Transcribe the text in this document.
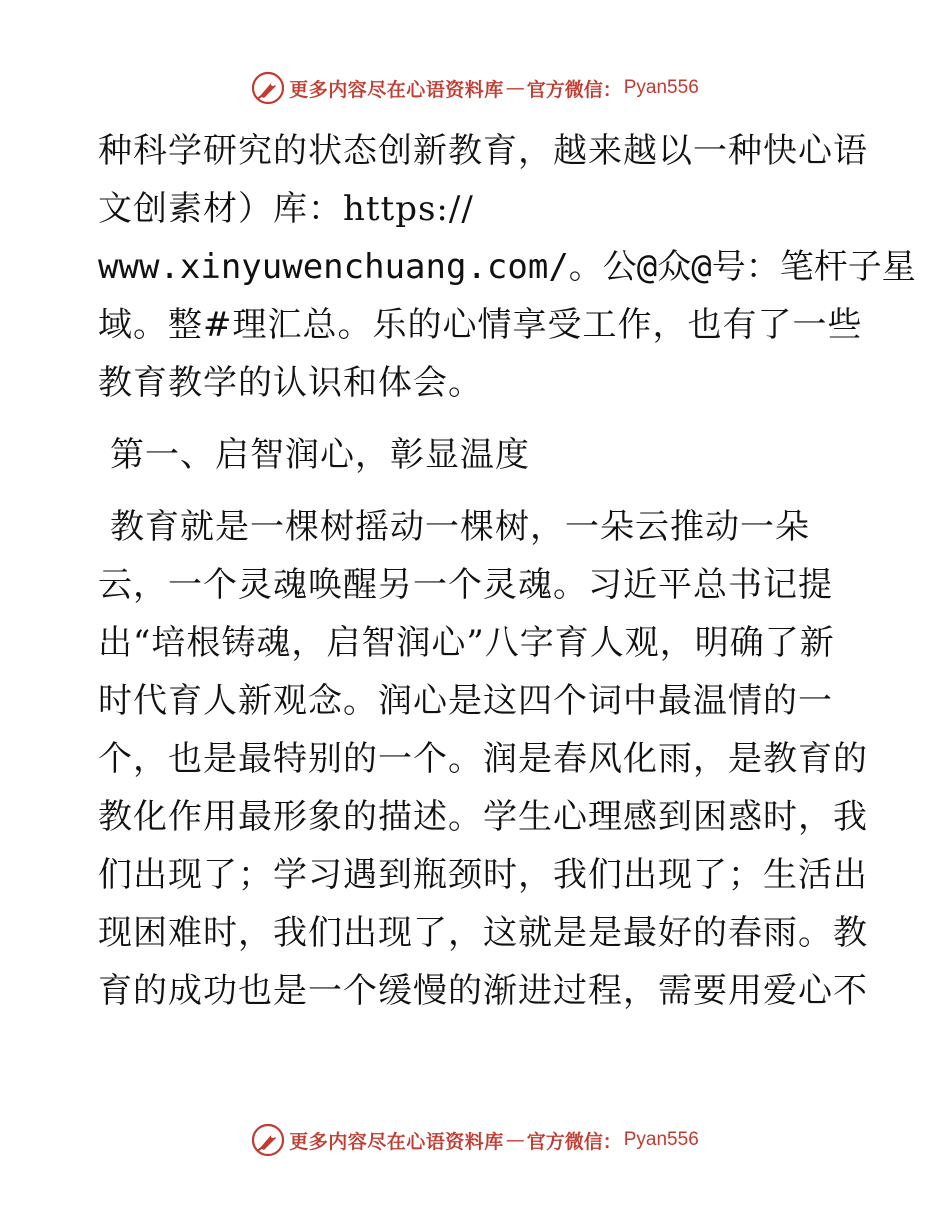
更多内容尽在心语资料库 — 官方微信： Pyan556
种科学研究的状态创新教育，越来越以一种快心语
文创素材）库：https://
www.xinyuwenchuang.com/。公@众@号：笔杆子星
域。整#理汇总。乐的心情享受工作，也有了一些
教育教学的认识和体会。
第一、启智润心，彰显温度
教育就是一棵树摇动一棵树，一朵云推动一朵
云，一个灵魂唤醒另一个灵魂。习近平总书记提
出“培根铸魂，启智润心”八字育人观，明确了新
时代育人新观念。润心是这四个词中最温情的一
个，也是最特别的一个。润是春风化雨，是教育的
教化作用最形象的描述。学生心理感到困惑时，我
们出现了；学习遇到瓶颈时，我们出现了；生活出
现困难时，我们出现了，这就是是最好的春雨。教
育的成功也是一个缓慢的渐进过程，需要用爱心不
更多内容尽在心语资料库 — 官方微信： Pyan556
